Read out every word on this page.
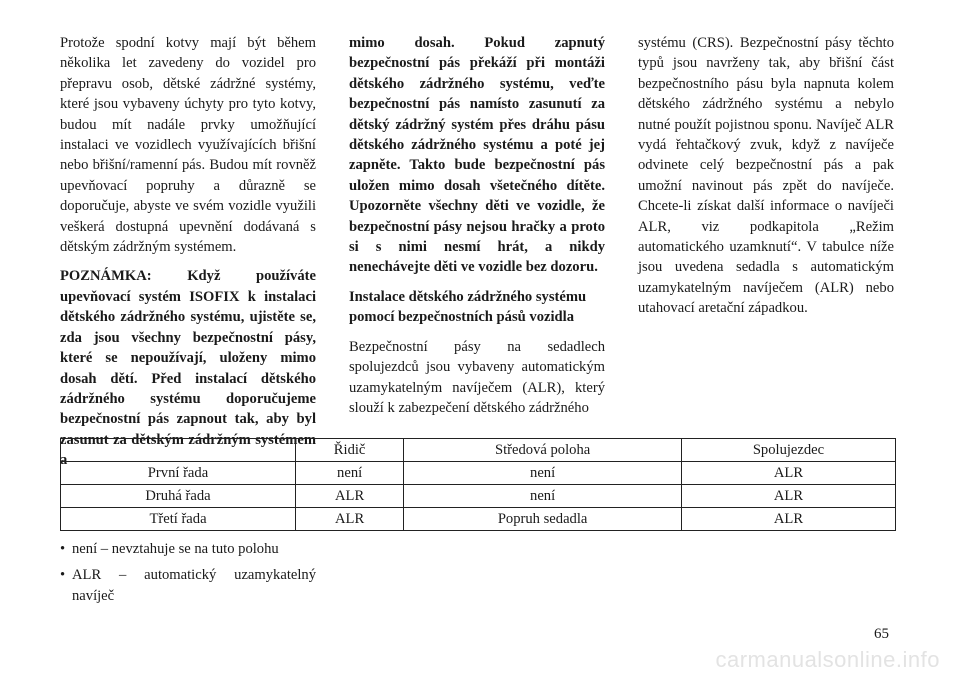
Protože spodní kotvy mají být během několika let zavedeny do vozidel pro přepravu osob, dětské zádržné systémy, které jsou vybaveny úchyty pro tyto kotvy, budou mít nadále prvky umožňující instalaci ve vozidlech využívajících břišní nebo břišní/ramenní pás. Budou mít rovněž upevňovací popruhy a důrazně se doporučuje, abyste ve svém vozidle využili veškerá dostupná upevnění dodávaná s dětským zádržným systémem.

POZNÁMKA: Když používáte upevňovací systém ISOFIX k instalaci dětského zádržného systému, ujistěte se, zda jsou všechny bezpečnostní pásy, které se nepoužívají, uloženy mimo dosah dětí. Před instalací dětského zádržného systému doporučujeme bezpečnostní pás zapnout tak, aby byl zasunut za dětským zádržným systémem a

mimo dosah. Pokud zapnutý bezpečnostní pás překáží při montáži dětského zádržného systému, veďte bezpečnostní pás namísto zasunutí za dětský zádržný systém přes dráhu pásu dětského zádržného systému a poté jej zapněte. Takto bude bezpečnostní pás uložen mimo dosah všetečného dítěte. Upozorněte všechny děti ve vozidle, že bezpečnostní pásy nejsou hračky a proto si s nimi nesmí hrát, a nikdy nenechávejte děti ve vozidle bez dozoru.

Instalace dětského zádržného systému pomocí bezpečnostních pásů vozidla

Bezpečnostní pásy na sedadlech spolujezdců jsou vybaveny automatickým uzamykatelným navíječem (ALR), který slouží k zabezpečení dětského zádržného

systému (CRS). Bezpečnostní pásy těchto typů jsou navrženy tak, aby břišní část bezpečnostního pásu byla napnuta kolem dětského zádržného systému a nebylo nutné použít pojistnou sponu. Navíječ ALR vydá řehtačkový zvuk, když z navíječe odvinete celý bezpečnostní pás a pak umožní navinout pás zpět do navíječe. Chcete-li získat další informace o navíječi ALR, viz podkapitola „Režim automatického uzamknutí“. V tabulce níže jsou uvedena sedadla s automatickým uzamykatelným navíječem (ALR) nebo utahovací aretační západkou.

	Řidič	Středová poloha	Spolujezdec
První řada	není	není	ALR
Druhá řada	ALR	není	ALR
Třetí řada	ALR	Popruh sedadla	ALR
• není – nevztahuje se na tuto polohu
• ALR – automatický uzamykatelný navíječ
65
carmanualsonline.info
